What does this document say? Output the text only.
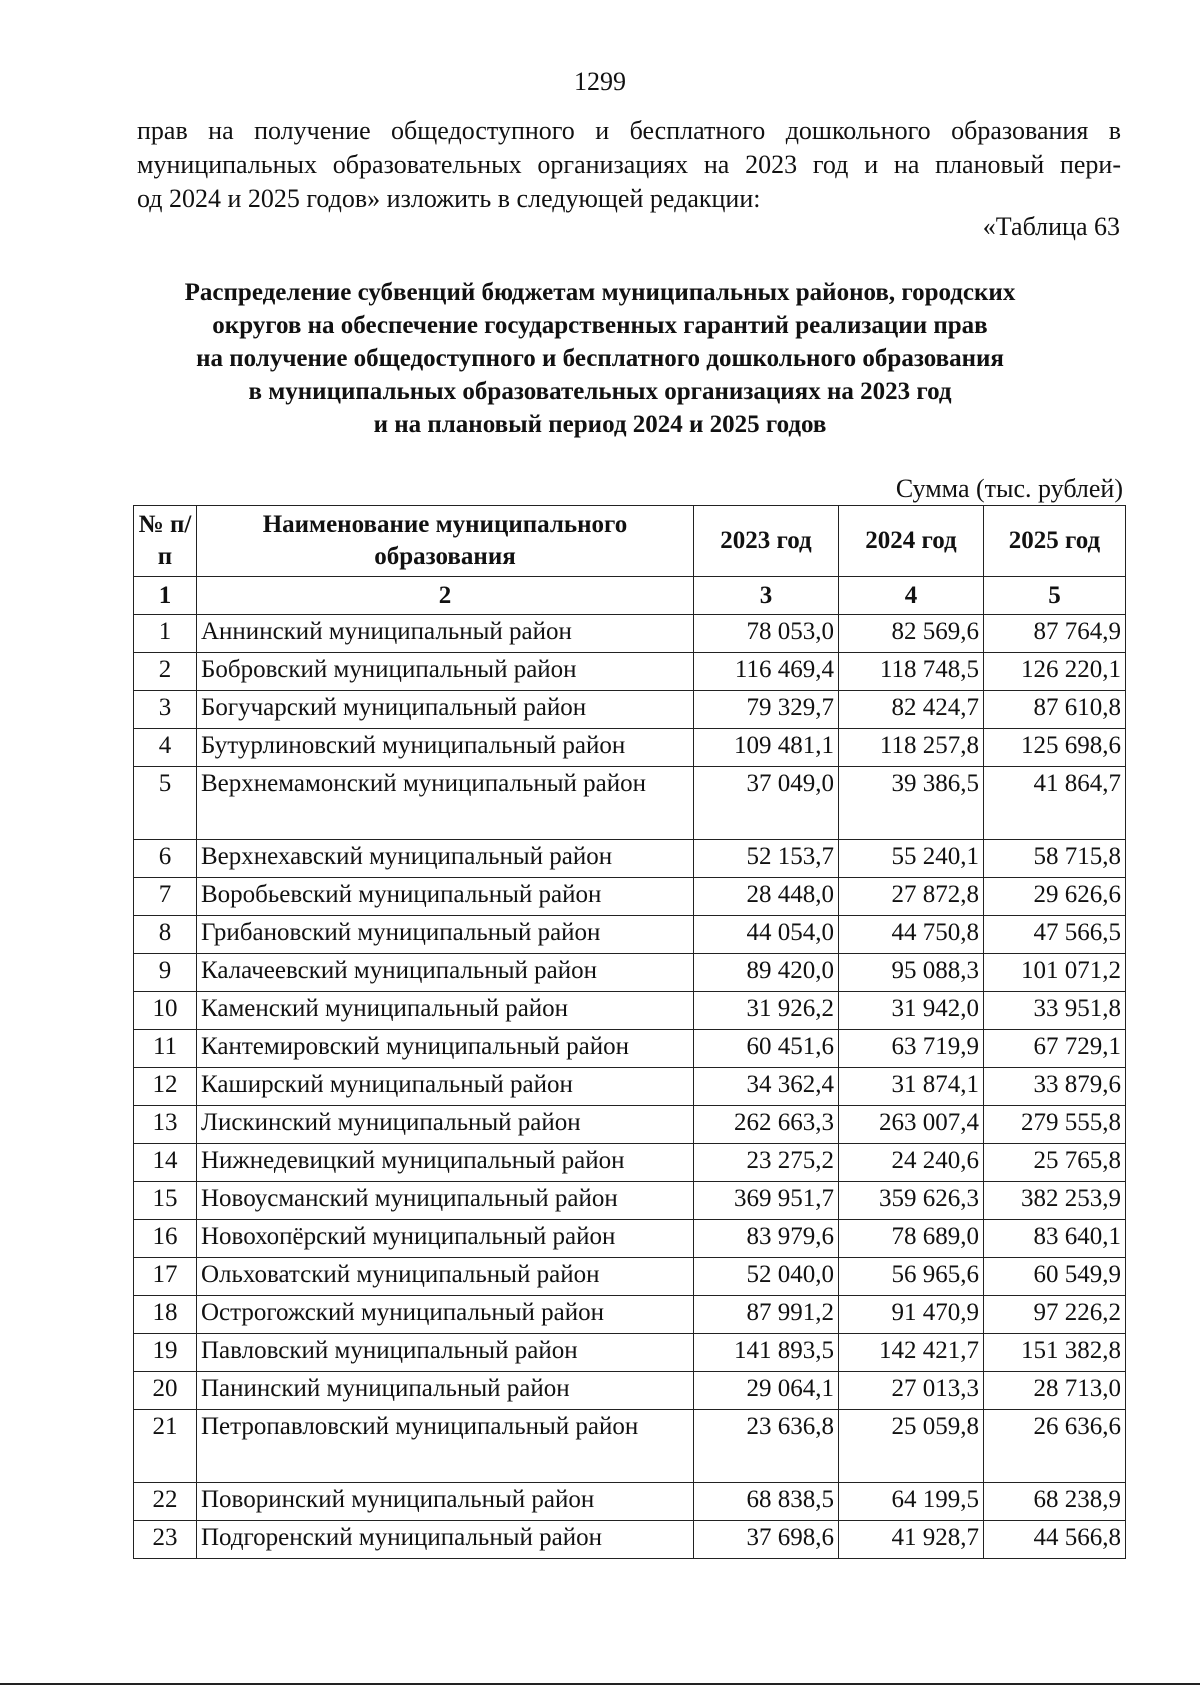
1299
прав на получение общедоступного и бесплатного дошкольного образования в
муниципальных образовательных организациях на 2023 год и на плановый пери-
од 2024 и 2025 годов» изложить в следующей редакции:
«Таблица 63
Распределение субвенций бюджетам муниципальных районов, городских
округов на обеспечение государственных гарантий реализации прав
на получение общедоступного и бесплатного дошкольного образования
в муниципальных образовательных организациях на 2023 год
и на плановый период 2024 и 2025 годов
Сумма (тыс. рублей)
№ п/п	Наименование муниципального образования	2023 год	2024 год	2025 год
1	2	3	4	5
1	Аннинский муниципальный район	78 053,0	82 569,6	87 764,9
2	Бобровский муниципальный район	116 469,4	118 748,5	126 220,1
3	Богучарский муниципальный район	79 329,7	82 424,7	87 610,8
4	Бутурлиновский муниципальный район	109 481,1	118 257,8	125 698,6
5	Верхнемамонский муниципальный район	37 049,0	39 386,5	41 864,7
6	Верхнехавский муниципальный район	52 153,7	55 240,1	58 715,8
7	Воробьевский муниципальный район	28 448,0	27 872,8	29 626,6
8	Грибановский муниципальный район	44 054,0	44 750,8	47 566,5
9	Калачеевский муниципальный район	89 420,0	95 088,3	101 071,2
10	Каменский муниципальный район	31 926,2	31 942,0	33 951,8
11	Кантемировский муниципальный район	60 451,6	63 719,9	67 729,1
12	Каширский муниципальный район	34 362,4	31 874,1	33 879,6
13	Лискинский муниципальный район	262 663,3	263 007,4	279 555,8
14	Нижнедевицкий муниципальный район	23 275,2	24 240,6	25 765,8
15	Новоусманский муниципальный район	369 951,7	359 626,3	382 253,9
16	Новохопёрский муниципальный район	83 979,6	78 689,0	83 640,1
17	Ольховатский муниципальный район	52 040,0	56 965,6	60 549,9
18	Острогожский муниципальный район	87 991,2	91 470,9	97 226,2
19	Павловский муниципальный район	141 893,5	142 421,7	151 382,8
20	Панинский муниципальный район	29 064,1	27 013,3	28 713,0
21	Петропавловский муниципальный район	23 636,8	25 059,8	26 636,6
22	Поворинский муниципальный район	68 838,5	64 199,5	68 238,9
23	Подгоренский муниципальный район	37 698,6	41 928,7	44 566,8
